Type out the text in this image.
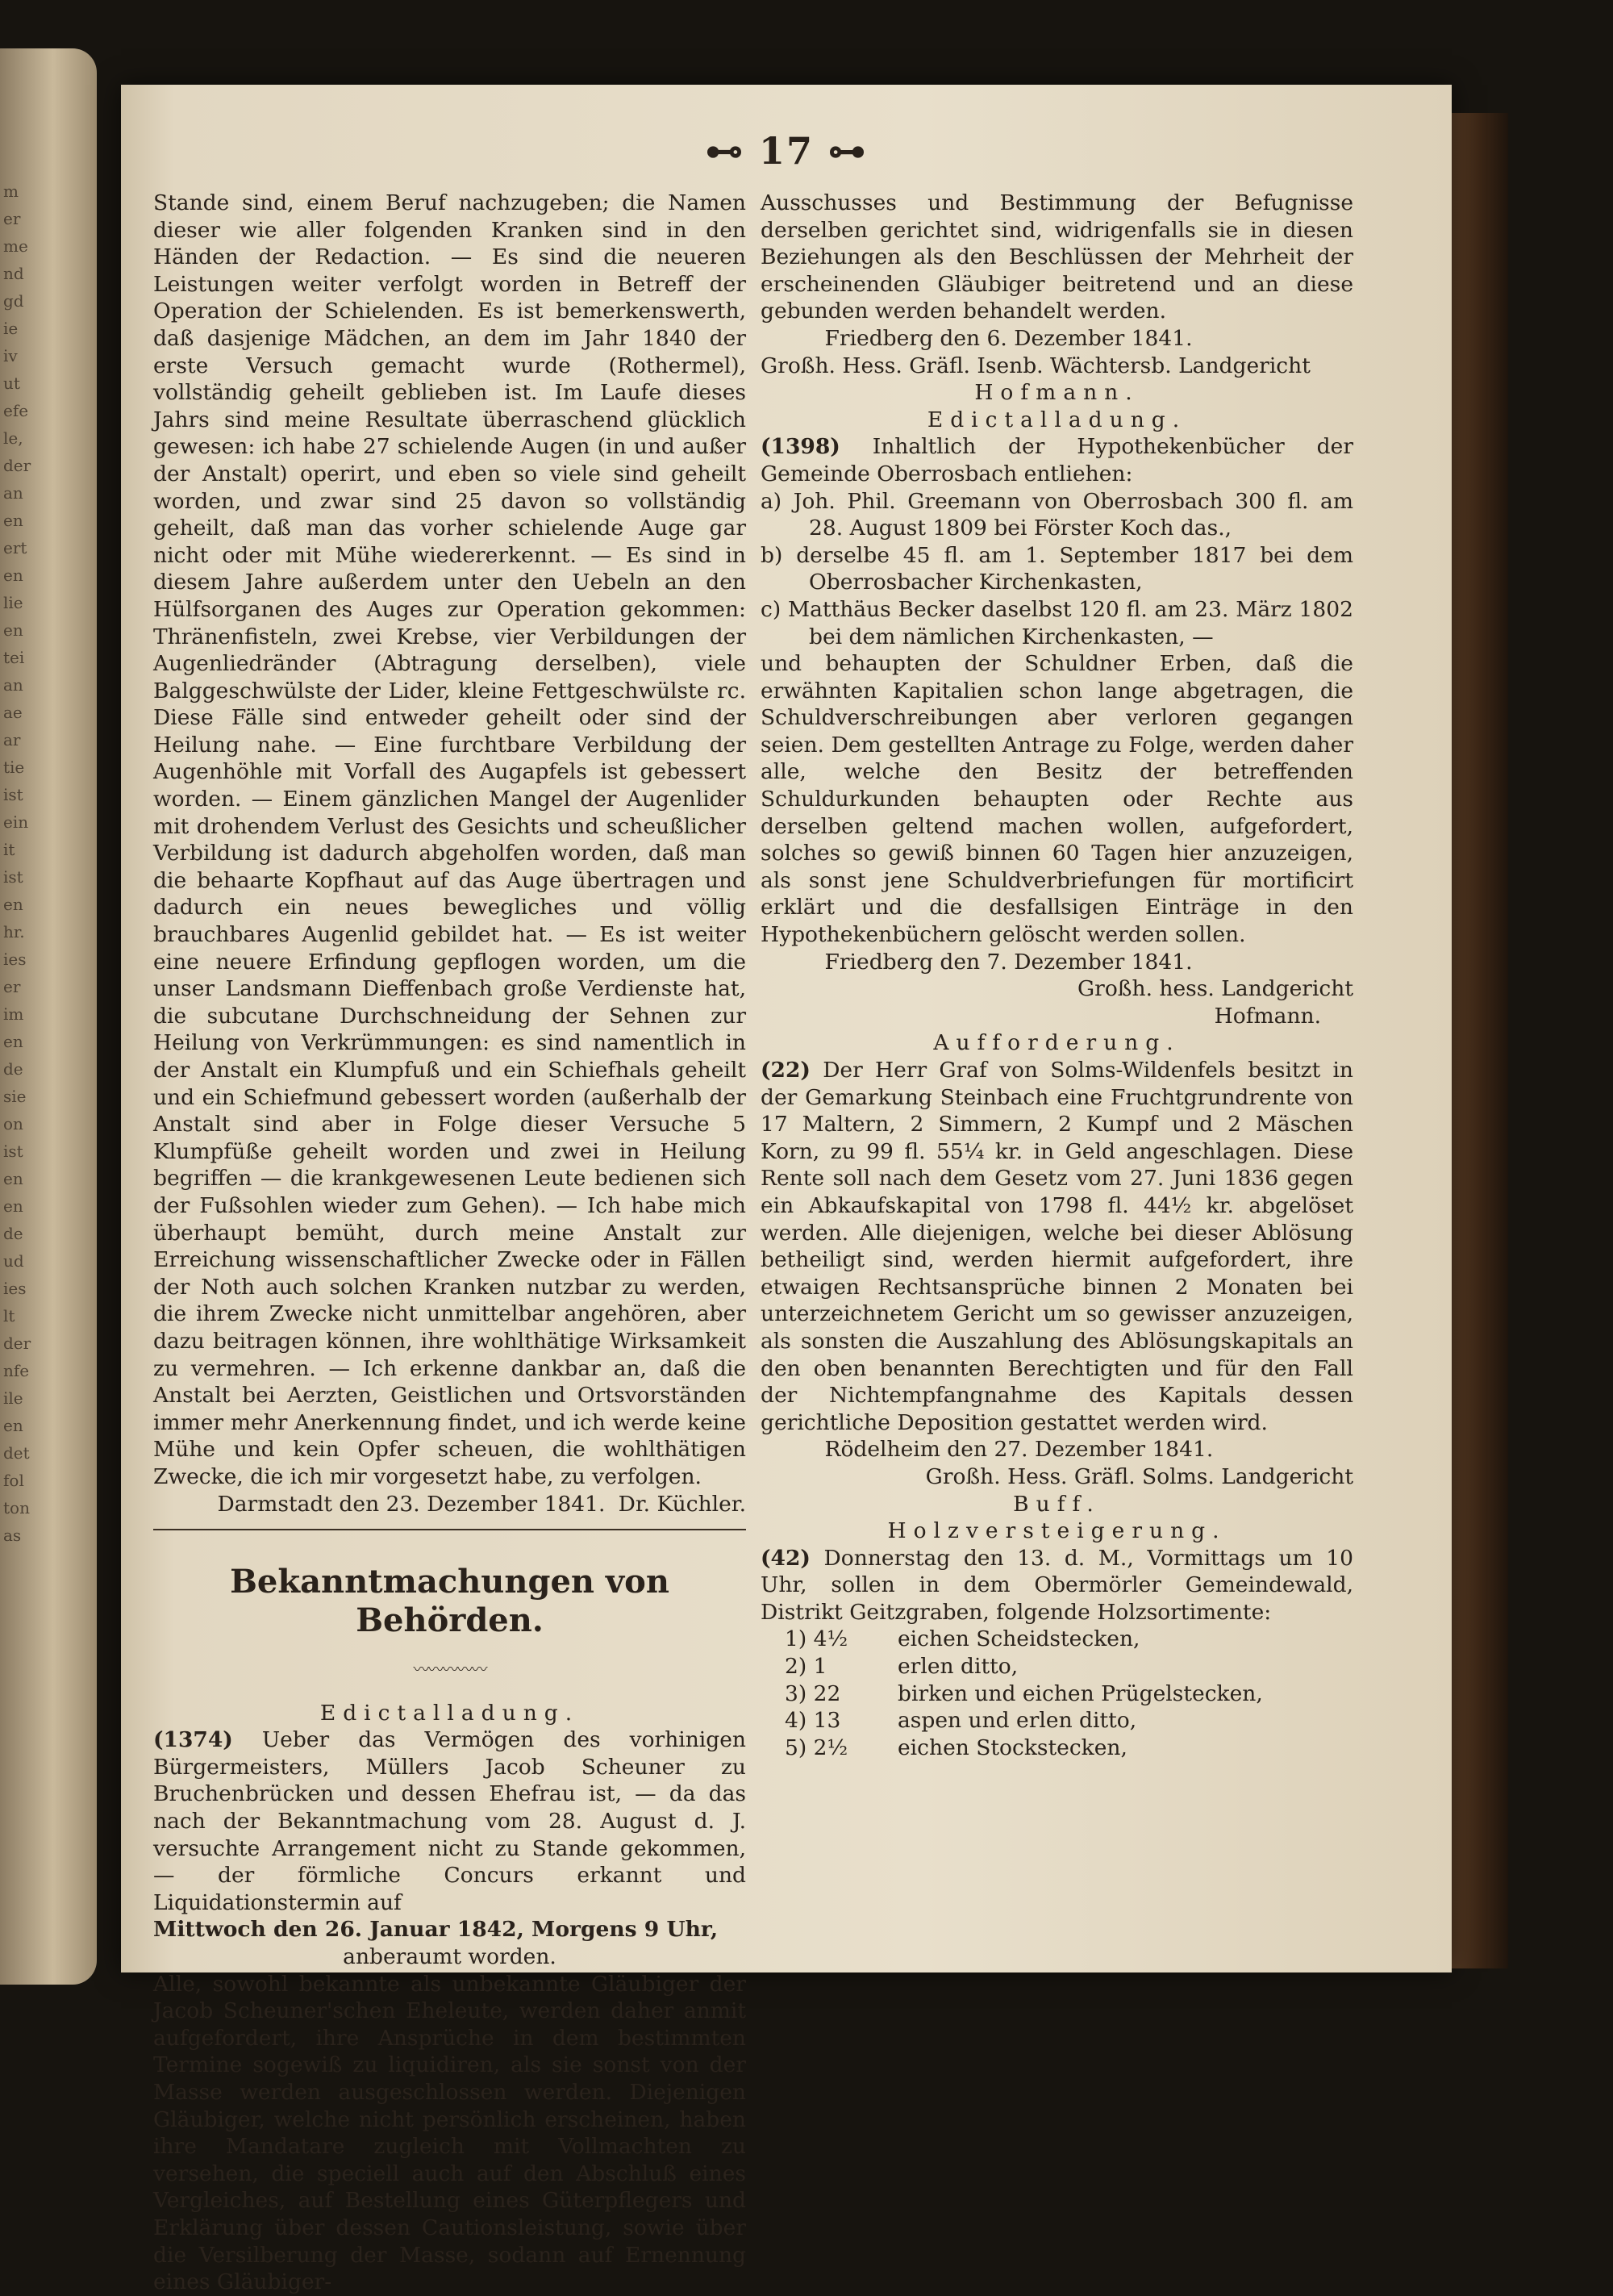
m
er
me
nd
gd
ie
iv
ut
efe
le,
der
an
en
ert
en
lie
en
tei
an
ae
ar
tie
ist
ein
it
ist
en
hr.
ies
er
im
en
de
sie
on
ist
en
en
de
ud
ies
lt
der
nfe
ile
en
det
fol
ton
as
⊷ 17 ⊶

Stande sind, einem Beruf nachzugeben; die Namen dieser wie aller folgenden Kranken sind in den Händen der Redaction. — Es sind die neueren Leistungen weiter verfolgt worden in Betreff der Operation der Schielenden. Es ist bemerkenswerth, daß dasjenige Mädchen, an dem im Jahr 1840 der erste Versuch gemacht wurde (Rothermel), vollständig geheilt geblieben ist. Im Laufe dieses Jahrs sind meine Resultate überraschend glücklich gewesen: ich habe 27 schielende Augen (in und außer der Anstalt) operirt, und eben so viele sind geheilt worden, und zwar sind 25 davon so vollständig geheilt, daß man das vorher schielende Auge gar nicht oder mit Mühe wiedererkennt. — Es sind in diesem Jahre außerdem unter den Uebeln an den Hülfsorganen des Auges zur Operation gekommen: Thränenfisteln, zwei Krebse, vier Verbildungen der Augenliedränder (Abtragung derselben), viele Balggeschwülste der Lider, kleine Fettgeschwülste rc. Diese Fälle sind entweder geheilt oder sind der Heilung nahe. — Eine furchtbare Verbildung der Augenhöhle mit Vorfall des Augapfels ist gebessert worden. — Einem gänzlichen Mangel der Augenlider mit drohendem Verlust des Gesichts und scheußlicher Verbildung ist dadurch abgeholfen worden, daß man die behaarte Kopfhaut auf das Auge übertragen und dadurch ein neues bewegliches und völlig brauchbares Augenlid gebildet hat. — Es ist weiter eine neuere Erfindung gepflogen worden, um die unser Landsmann Dieffenbach große Verdienste hat, die subcutane Durchschneidung der Sehnen zur Heilung von Verkrümmungen: es sind namentlich in der Anstalt ein Klumpfuß und ein Schiefhals geheilt und ein Schiefmund gebessert worden (außerhalb der Anstalt sind aber in Folge dieser Versuche 5 Klumpfüße geheilt worden und zwei in Heilung begriffen — die krankgewesenen Leute bedienen sich der Fußsohlen wieder zum Gehen). — Ich habe mich überhaupt bemüht, durch meine Anstalt zur Erreichung wissenschaftlicher Zwecke oder in Fällen der Noth auch solchen Kranken nutzbar zu werden, die ihrem Zwecke nicht unmittelbar angehören, aber dazu beitragen können, ihre wohlthätige Wirksamkeit zu vermehren. — Ich erkenne dankbar an, daß die Anstalt bei Aerzten, Geistlichen und Ortsvorständen immer mehr Anerkennung findet, und ich werde keine Mühe und kein Opfer scheuen, die wohlthätigen Zwecke, die ich mir vorgesetzt habe, zu verfolgen.

Darmstadt den 23. Dezember 1841. Dr. Küchler.
Bekanntmachungen von Behörden.
〰〰〰〰〰
Edictalladung.

(1374) Ueber das Vermögen des vorhinigen Bürgermeisters, Müllers Jacob Scheuner zu Bruchenbrücken und dessen Ehefrau ist, — da das nach der Bekanntmachung vom 28. August d. J. versuchte Arrangement nicht zu Stande gekommen, — der förmliche Concurs erkannt und Liquidationstermin auf

Mittwoch den 26. Januar 1842, Morgens 9 Uhr,

anberaumt worden.

Alle, sowohl bekannte als unbekannte Gläubiger der Jacob Scheuner'schen Eheleute, werden daher anmit aufgefordert, ihre Ansprüche in dem bestimmten Termine sogewiß zu liquidiren, als sie sonst von der Masse werden ausgeschlossen werden. Diejenigen Gläubiger, welche nicht persönlich erscheinen, haben ihre Mandatare zugleich mit Vollmachten zu versehen, die speciell auch auf den Abschluß eines Vergleiches, auf Bestellung eines Güterpflegers und Erklärung über dessen Cautionsleistung, sowie über die Versilberung der Masse, sodann auf Ernennung eines Gläubiger-

Ausschusses und Bestimmung der Befugnisse derselben gerichtet sind, widrigenfalls sie in diesen Beziehungen als den Beschlüssen der Mehrheit der erscheinenden Gläubiger beitretend und an diese gebunden werden behandelt werden.

Friedberg den 6. Dezember 1841.

Großh. Hess. Gräfl. Isenb. Wächtersb. Landgericht

Hofmann.

Edictalladung.

(1398) Inhaltlich der Hypothekenbücher der Gemeinde Oberrosbach entliehen:

a) Joh. Phil. Greemann von Oberrosbach 300 fl. am 28. August 1809 bei Förster Koch das.,

b) derselbe 45 fl. am 1. September 1817 bei dem Oberrosbacher Kirchenkasten,

c) Matthäus Becker daselbst 120 fl. am 23. März 1802 bei dem nämlichen Kirchenkasten, —

und behaupten der Schuldner Erben, daß die erwähnten Kapitalien schon lange abgetragen, die Schuldverschreibungen aber verloren gegangen seien. Dem gestellten Antrage zu Folge, werden daher alle, welche den Besitz der betreffenden Schuldurkunden behaupten oder Rechte aus derselben geltend machen wollen, aufgefordert, solches so gewiß binnen 60 Tagen hier anzuzeigen, als sonst jene Schuldverbriefungen für mortificirt erklärt und die desfallsigen Einträge in den Hypothekenbüchern gelöscht werden sollen.

Friedberg den 7. Dezember 1841.

Großh. hess. Landgericht

Hofmann.

Aufforderung.

(22) Der Herr Graf von Solms-Wildenfels besitzt in der Gemarkung Steinbach eine Fruchtgrundrente von 17 Maltern, 2 Simmern, 2 Kumpf und 2 Mäschen Korn, zu 99 fl. 55¼ kr. in Geld angeschlagen. Diese Rente soll nach dem Gesetz vom 27. Juni 1836 gegen ein Abkaufskapital von 1798 fl. 44½ kr. abgelöset werden. Alle diejenigen, welche bei dieser Ablösung betheiligt sind, werden hiermit aufgefordert, ihre etwaigen Rechtsansprüche binnen 2 Monaten bei unterzeichnetem Gericht um so gewisser anzuzeigen, als sonsten die Auszahlung des Ablösungskapitals an den oben benannten Berechtigten und für den Fall der Nichtempfangnahme des Kapitals dessen gerichtliche Deposition gestattet werden wird.

Rödelheim den 27. Dezember 1841.

Großh. Hess. Gräfl. Solms. Landgericht

Buff.

Holzversteigerung.

(42) Donnerstag den 13. d. M., Vormittags um 10 Uhr, sollen in dem Obermörler Gemeindewald, Distrikt Geitzgraben, folgende Holzsortimente:

1) 4½	eichen Scheidstecken,

2) 1	erlen ditto,

3) 22	birken und eichen Prügelstecken,

4) 13	aspen und erlen ditto,

5) 2½	eichen Stockstecken,
